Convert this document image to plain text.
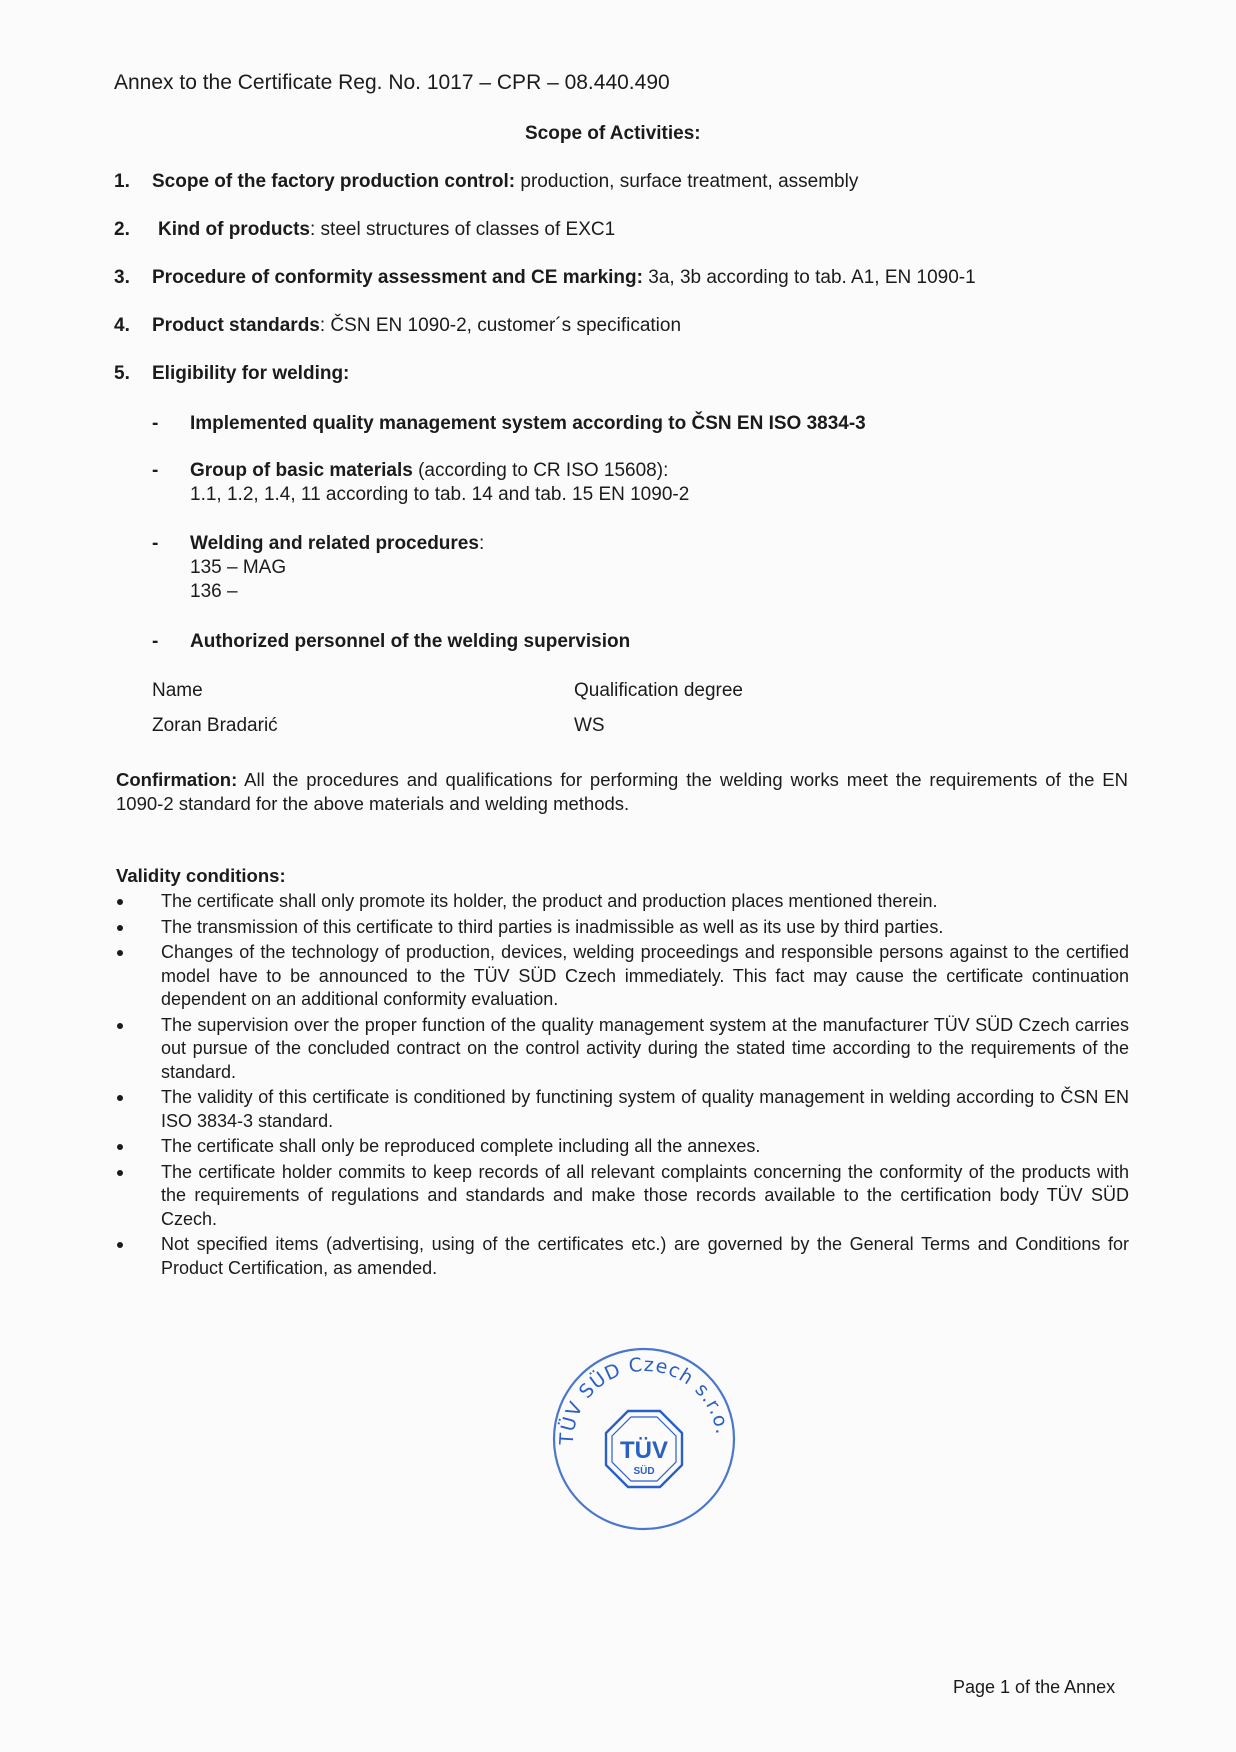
Annex to the Certificate Reg. No. 1017 – CPR – 08.440.490
Scope of Activities:
1. Scope of the factory production control: production, surface treatment, assembly
2. Kind of products: steel structures of classes of EXC1
3. Procedure of conformity assessment and CE marking: 3a, 3b according to tab. A1, EN 1090-1
4. Product standards: ČSN EN 1090-2, customer´s specification
5. Eligibility for welding:
- Implemented quality management system according to ČSN EN ISO 3834-3
- Group of basic materials (according to CR ISO 15608):
1.1, 1.2, 1.4, 11 according to tab. 14 and tab. 15 EN 1090-2
- Welding and related procedures:
135 – MAG
136 –
- Authorized personnel of the welding supervision
Name	Qualification degree
Zoran Bradarić	WS
Confirmation: All the procedures and qualifications for performing the welding works meet the requirements of the EN 1090-2 standard for the above materials and welding methods.
Validity conditions:
The certificate shall only promote its holder, the product and production places mentioned therein.
The transmission of this certificate to third parties is inadmissible as well as its use by third parties.
Changes of the technology of production, devices, welding proceedings and responsible persons against to the certified model have to be announced to the TÜV SÜD Czech immediately. This fact may cause the certificate continuation dependent on an additional conformity evaluation.
The supervision over the proper function of the quality management system at the manufacturer TÜV SÜD Czech carries out pursue of the concluded contract on the control activity during the stated time according to the requirements of the standard.
The validity of this certificate is conditioned by functining system of quality management in welding according to ČSN EN ISO 3834-3 standard.
The certificate shall only be reproduced complete including all the annexes.
The certificate holder commits to keep records of all relevant complaints concerning the conformity of the products with the requirements of regulations and standards and make those records available to the certification body TÜV SÜD Czech.
Not specified items (advertising, using of the certificates etc.) are governed by the General Terms and Conditions for Product Certification, as amended.
TÜV SÜD Czech s.r.o.
TÜV
SÜD
Page 1 of the Annex
